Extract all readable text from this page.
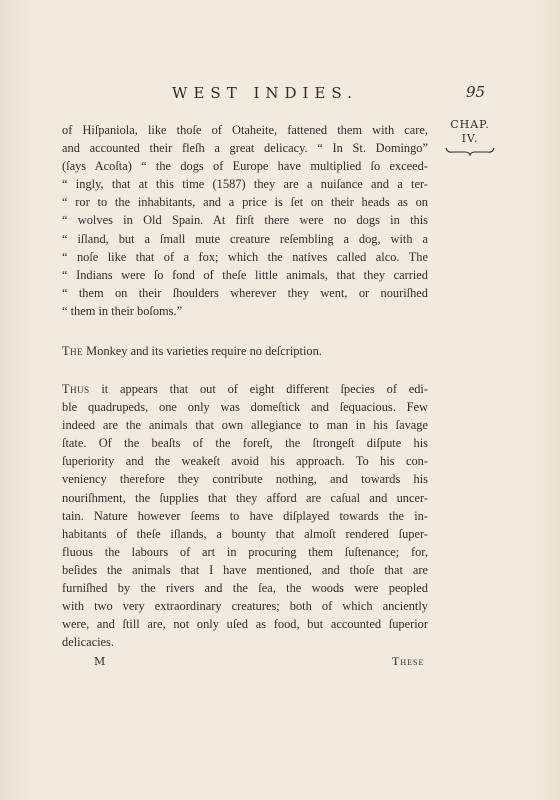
WEST INDIES.	95
CHAP.
IV.
of Hiſpaniola, like thoſe of Otaheite, fattened them with care,
and accounted their fleſh a great delicacy. “ In St. Domingo”
(ſays Acoſta) “ the dogs of Europe have multiplied ſo exceed-
“ ingly, that at this time (1587) they are a nuiſance and a ter-
“ ror to the inhabitants, and a price is ſet on their heads as on
“ wolves in Old Spain. At firſt there were no dogs in this
“ iſland, but a ſmall mute creature reſembling a dog, with a
“ noſe like that of a fox; which the natives called alco. The
“ Indians were ſo fond of theſe little animals, that they carried
“ them on their ſhoulders wherever they went, or nouriſhed
“ them in their boſoms.”
The Monkey and its varieties require no deſcription.
Thus it appears that out of eight different ſpecies of edi-
ble quadrupeds, one only was domeſtick and ſequacious. Few
indeed are the animals that own allegiance to man in his ſavage
ſtate. Of the beaſts of the foreſt, the ſtrongeſt diſpute his
ſuperiority and the weakeſt avoid his approach. To his con-
veniency therefore they contribute nothing, and towards his
nouriſhment, the ſupplies that they afford are caſual and uncer-
tain. Nature however ſeems to have diſplayed towards the in-
habitants of theſe iſlands, a bounty that almoſt rendered ſuper-
fluous the labours of art in procuring them ſuſtenance; for,
beſides the animals that I have mentioned, and thoſe that are
furniſhed by the rivers and the ſea, the woods were peopled
with two very extraordinary creatures; both of which anciently
were, and ſtill are, not only uſed as food, but accounted ſuperior
delicacies.
M	These
